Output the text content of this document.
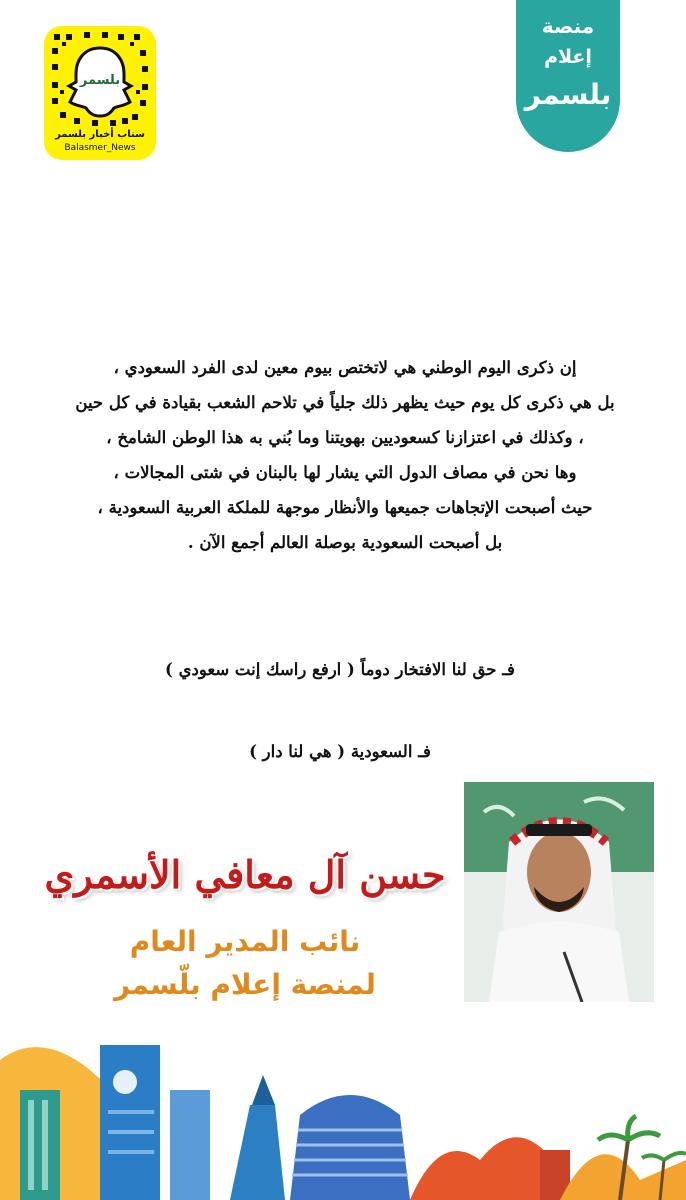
بلسمر
سناب أخبار بلسمر
Balasmer_News
منصة
إعلام
بلسمر
إن ذكرى اليوم الوطني هي لاتختص بيوم معين لدى الفرد السعودي ،
بل هي ذكرى كل يوم حيث يظهر ذلك جلياً في تلاحم الشعب بقيادة في كل حين
، وكذلك في اعتزازنا كسعوديين بهويتنا وما بُني به هذا الوطن الشامخ ،
وها نحن في مصاف الدول التي يشار لها بالبنان في شتى المجالات ،
حيث أصبحت الإتجاهات جميعها والأنظار موجهة للملكة العربية السعودية ،
بل أصبحت السعودية بوصلة العالم أجمع الآن .
فـ حق لنا الافتخار دوماً ( ارفع راسك إنت سعودي )
فـ السعودية ( هي لنا دار )
حسن آل معافي الأسمري
نائب المدير العام
لمنصة إعلام بلّسمر
